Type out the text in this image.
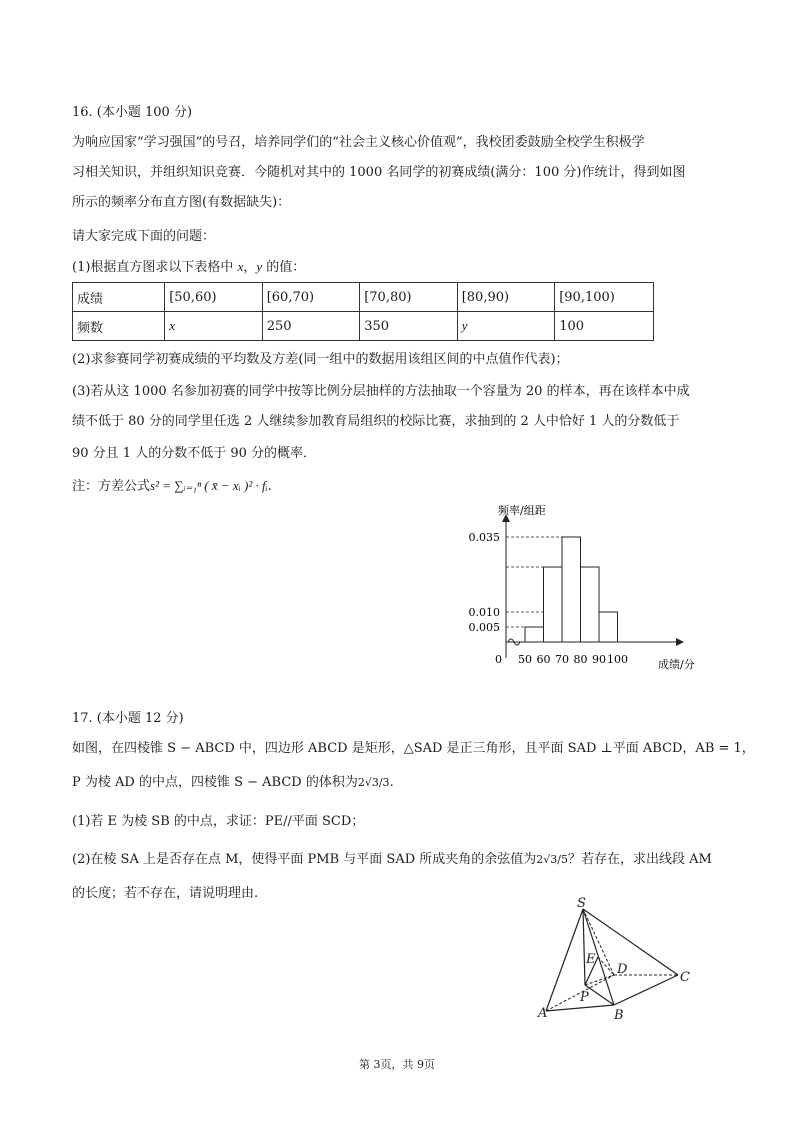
16. (本小题 100 分)

为响应国家“学习强国”的号召，培养同学们的“社会主义核心价值观”，我校团委鼓励全校学生积极学

习相关知识，并组织知识竞赛．今随机对其中的 1000 名同学的初赛成绩(满分：100 分)作统计，得到如图

所示的频率分布直方图(有数据缺失)：

请大家完成下面的问题：

(1)根据直方图求以下表格中 x，y 的值：

成绩	[50,60)	[60,70)	[70,80)	[80,90)	[90,100)
频数	x	250	350	y	100

(2)求参赛同学初赛成绩的平均数及方差(同一组中的数据用该组区间的中点值作代表)；

(3)若从这 1000 名参加初赛的同学中按等比例分层抽样的方法抽取一个容量为 20 的样本，再在该样本中成

绩不低于 80 分的同学里任选 2 人继续参加教育局组织的校际比赛，求抽到的 2 人中恰好 1 人的分数低于

90 分且 1 人的分数不低于 90 分的概率．

注：方差公式s² = ∑ᵢ₌₁ⁿ ( x̄ − xᵢ )² · fᵢ.

50 60 70 80 90 100
0.005
0.010
0.035
频率/组距
成绩/分
0

17. (本小题 12 分)

如图，在四棱锥 S − ABCD 中，四边形 ABCD 是矩形，△SAD 是正三角形，且平面 SAD ⊥平面 ABCD，AB = 1，

P 为棱 AD 的中点，四棱锥 S − ABCD 的体积为2√3/3.

(1)若 E 为棱 SB 的中点，求证：PE//平面 SCD；

(2)在棱 SA 上是否存在点 M，使得平面 PMB 与平面 SAD 所成夹角的余弦值为2√3/5？若存在，求出线段 AM

的长度；若不存在，请说明理由.

S
E
D
C
P
A	B
第 3页，共 9页
